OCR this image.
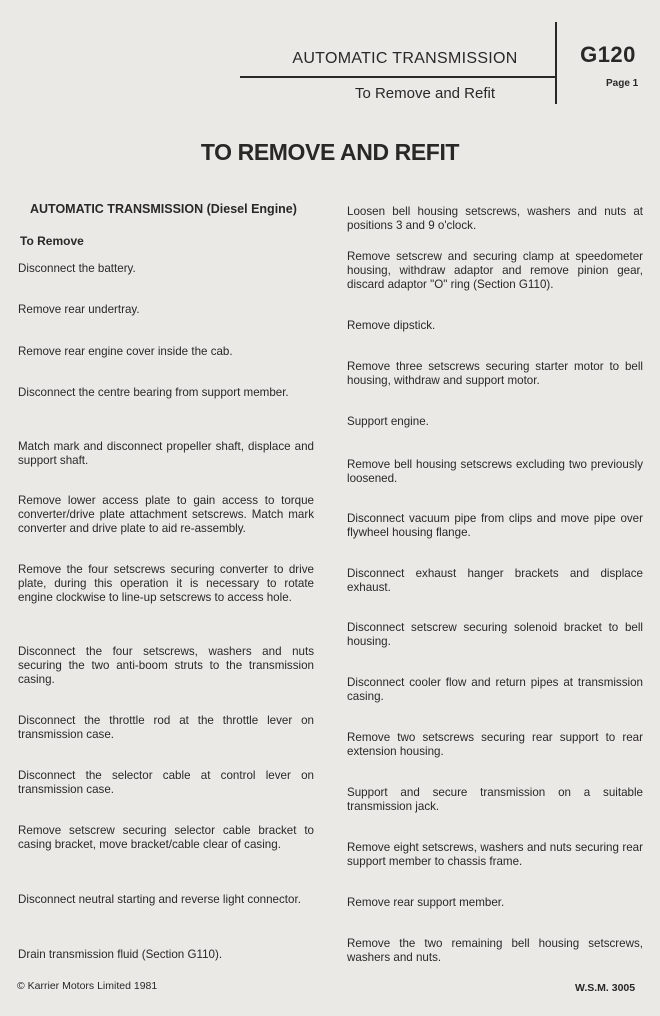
AUTOMATIC TRANSMISSION
To Remove and Refit
G120
Page 1
TO REMOVE AND REFIT
AUTOMATIC TRANSMISSION (Diesel Engine)
To Remove
Disconnect the battery.
Remove rear undertray.
Remove rear engine cover inside the cab.
Disconnect the centre bearing from support member.
Match mark and disconnect propeller shaft, displace and support shaft.
Remove lower access plate to gain access to torque converter/drive plate attachment setscrews. Match mark converter and drive plate to aid re-assembly.
Remove the four setscrews securing converter to drive plate, during this operation it is necessary to rotate engine clockwise to line-up setscrews to access hole.
Disconnect the four setscrews, washers and nuts securing the two anti-boom struts to the transmission casing.
Disconnect the throttle rod at the throttle lever on transmission case.
Disconnect the selector cable at control lever on transmission case.
Remove setscrew securing selector cable bracket to casing bracket, move bracket/cable clear of casing.
Disconnect neutral starting and reverse light connector.
Drain transmission fluid (Section G110).
Loosen bell housing setscrews, washers and nuts at positions 3 and 9 o'clock.
Remove setscrew and securing clamp at speedometer housing, withdraw adaptor and remove pinion gear, discard adaptor "O" ring (Section G110).
Remove dipstick.
Remove three setscrews securing starter motor to bell housing, withdraw and support motor.
Support engine.
Remove bell housing setscrews excluding two previously loosened.
Disconnect vacuum pipe from clips and move pipe over flywheel housing flange.
Disconnect exhaust hanger brackets and displace exhaust.
Disconnect setscrew securing solenoid bracket to bell housing.
Disconnect cooler flow and return pipes at transmission casing.
Remove two setscrews securing rear support to rear extension housing.
Support and secure transmission on a suitable transmission jack.
Remove eight setscrews, washers and nuts securing rear support member to chassis frame.
Remove rear support member.
Remove the two remaining bell housing setscrews, washers and nuts.
© Karrier Motors Limited 1981	W.S.M. 3005
